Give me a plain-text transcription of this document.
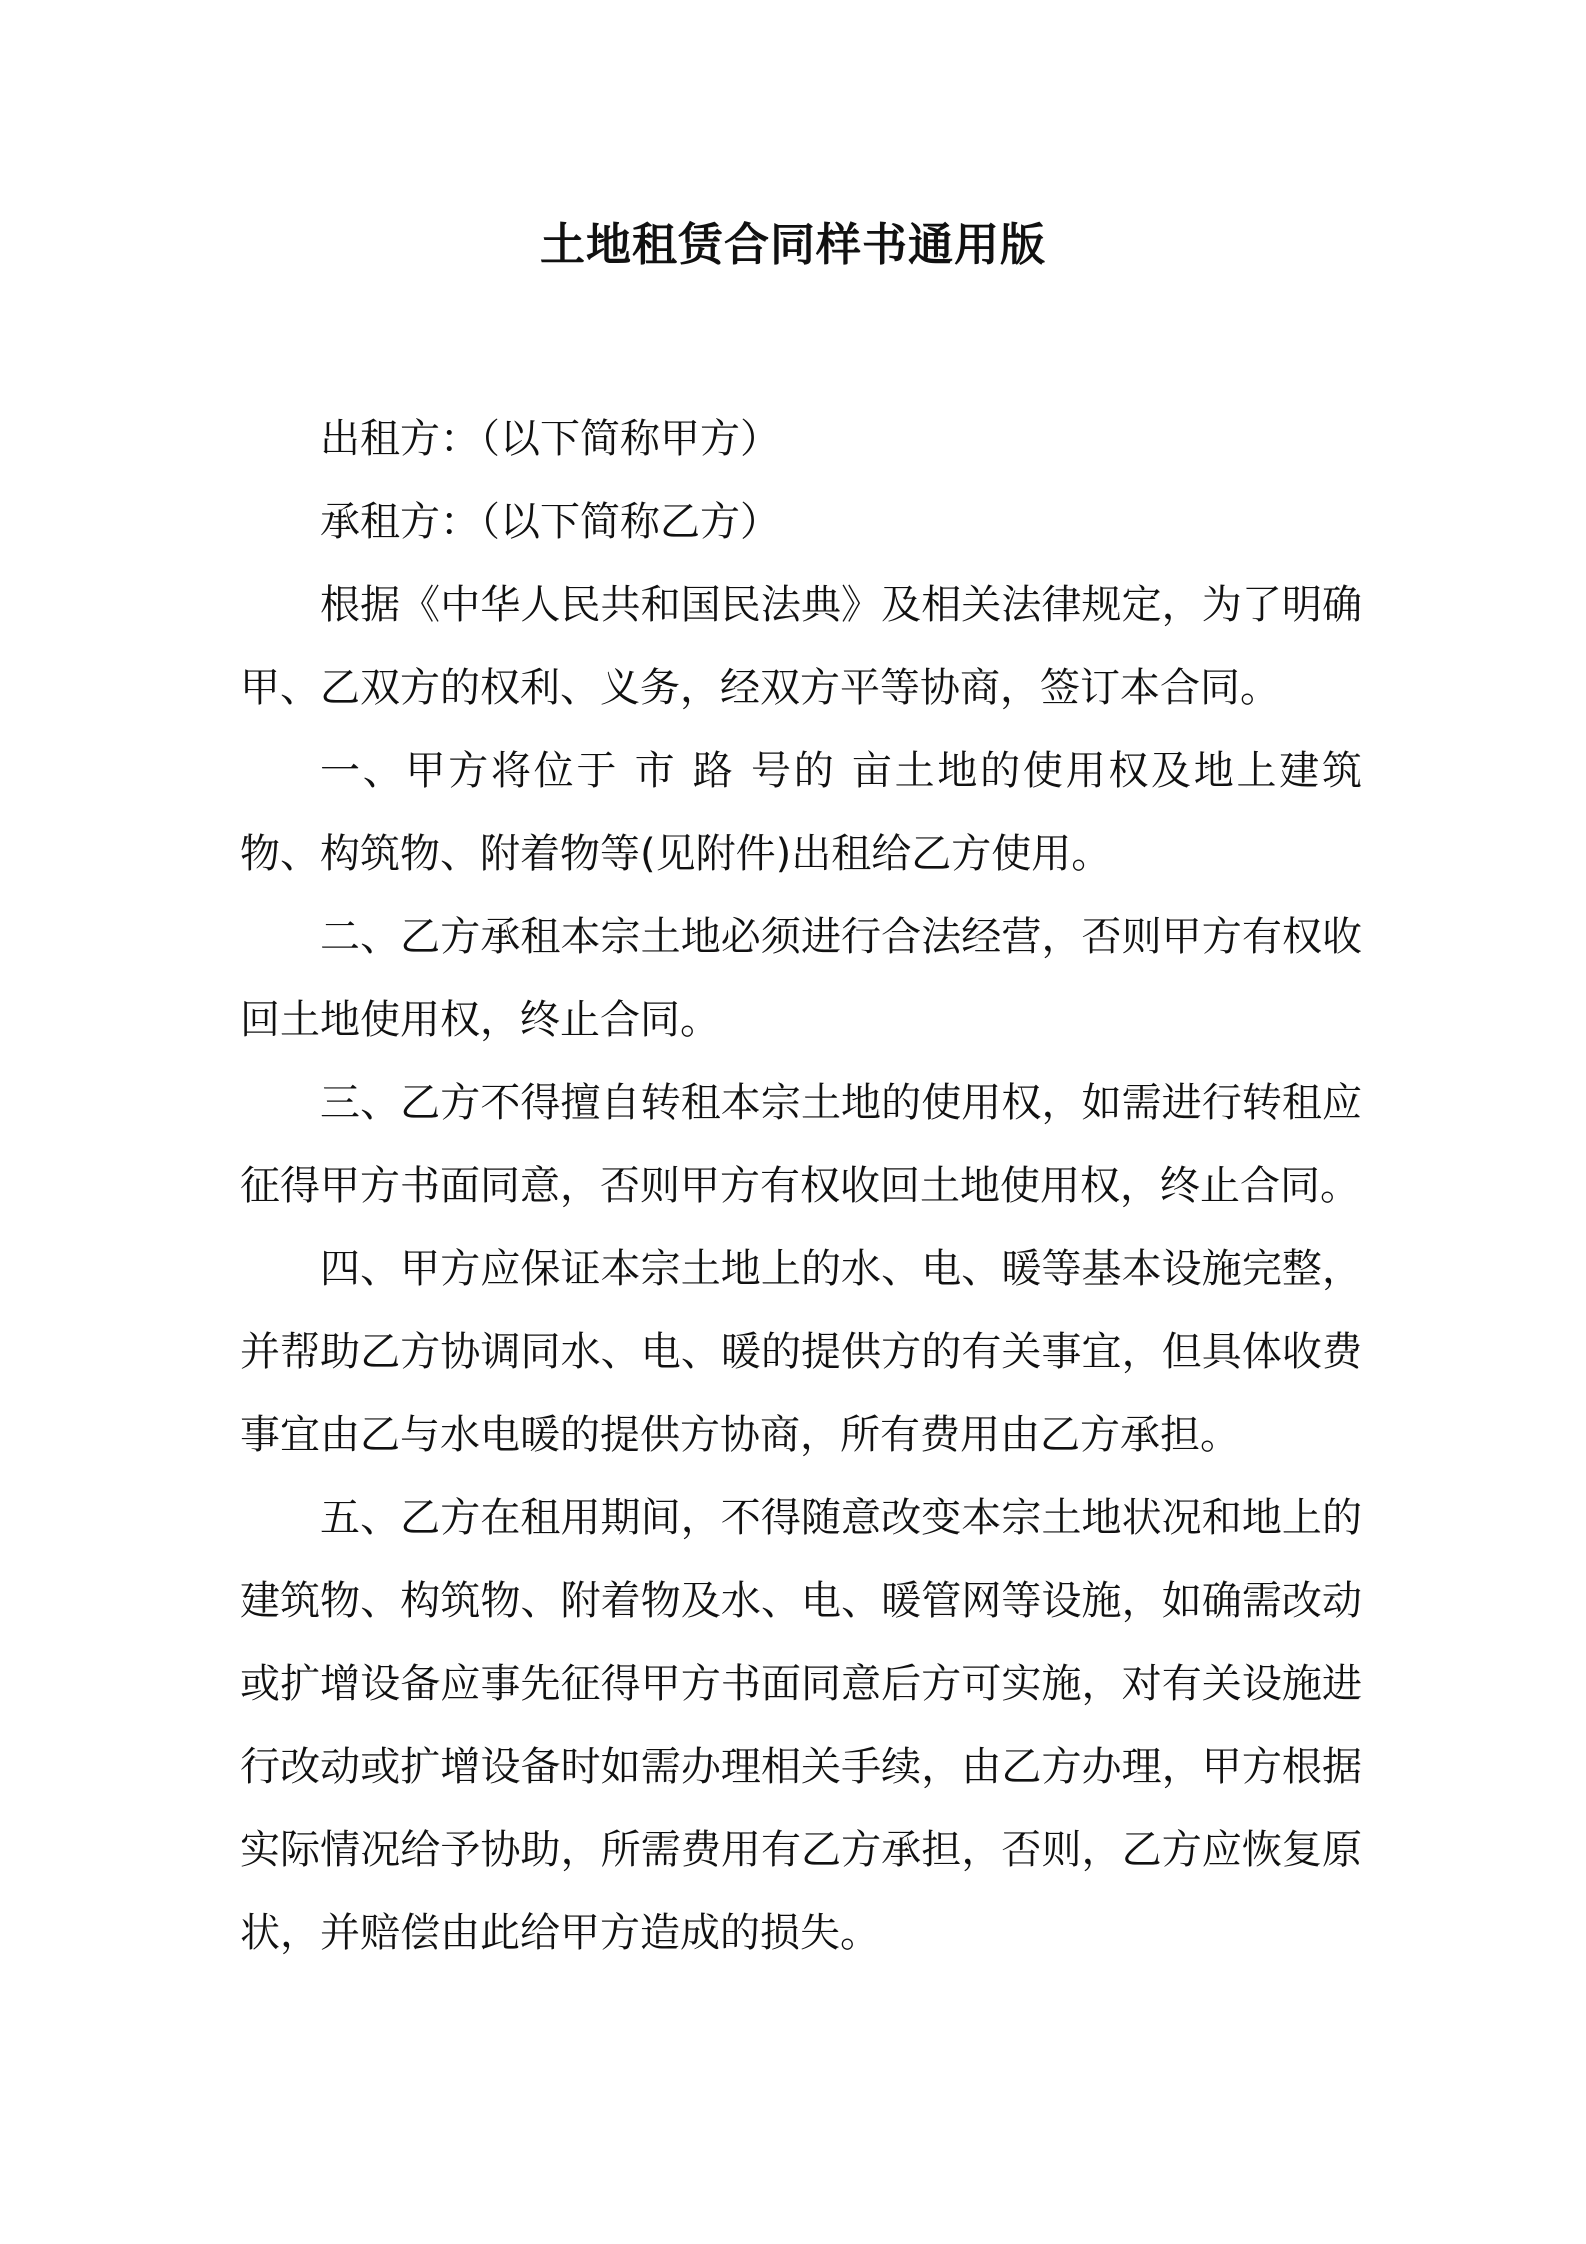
土地租赁合同样书通用版

出租方：（以下简称甲方）

承租方：（以下简称乙方）

根据《中华人民共和国民法典》及相关法律规定，为了明确甲、乙双方的权利、义务，经双方平等协商，签订本合同。

一、甲方将位于 市 路 号的 亩土地的使用权及地上建筑物、构筑物、附着物等(见附件)出租给乙方使用。

二、乙方承租本宗土地必须进行合法经营，否则甲方有权收回土地使用权，终止合同。

三、乙方不得擅自转租本宗土地的使用权，如需进行转租应征得甲方书面同意，否则甲方有权收回土地使用权，终止合同。

四、甲方应保证本宗土地上的水、电、暖等基本设施完整，并帮助乙方协调同水、电、暖的提供方的有关事宜，但具体收费事宜由乙与水电暖的提供方协商，所有费用由乙方承担。

五、乙方在租用期间，不得随意改变本宗土地状况和地上的建筑物、构筑物、附着物及水、电、暖管网等设施，如确需改动或扩增设备应事先征得甲方书面同意后方可实施，对有关设施进行改动或扩增设备时如需办理相关手续，由乙方办理，甲方根据实际情况给予协助，所需费用有乙方承担，否则，乙方应恢复原状，并赔偿由此给甲方造成的损失。
